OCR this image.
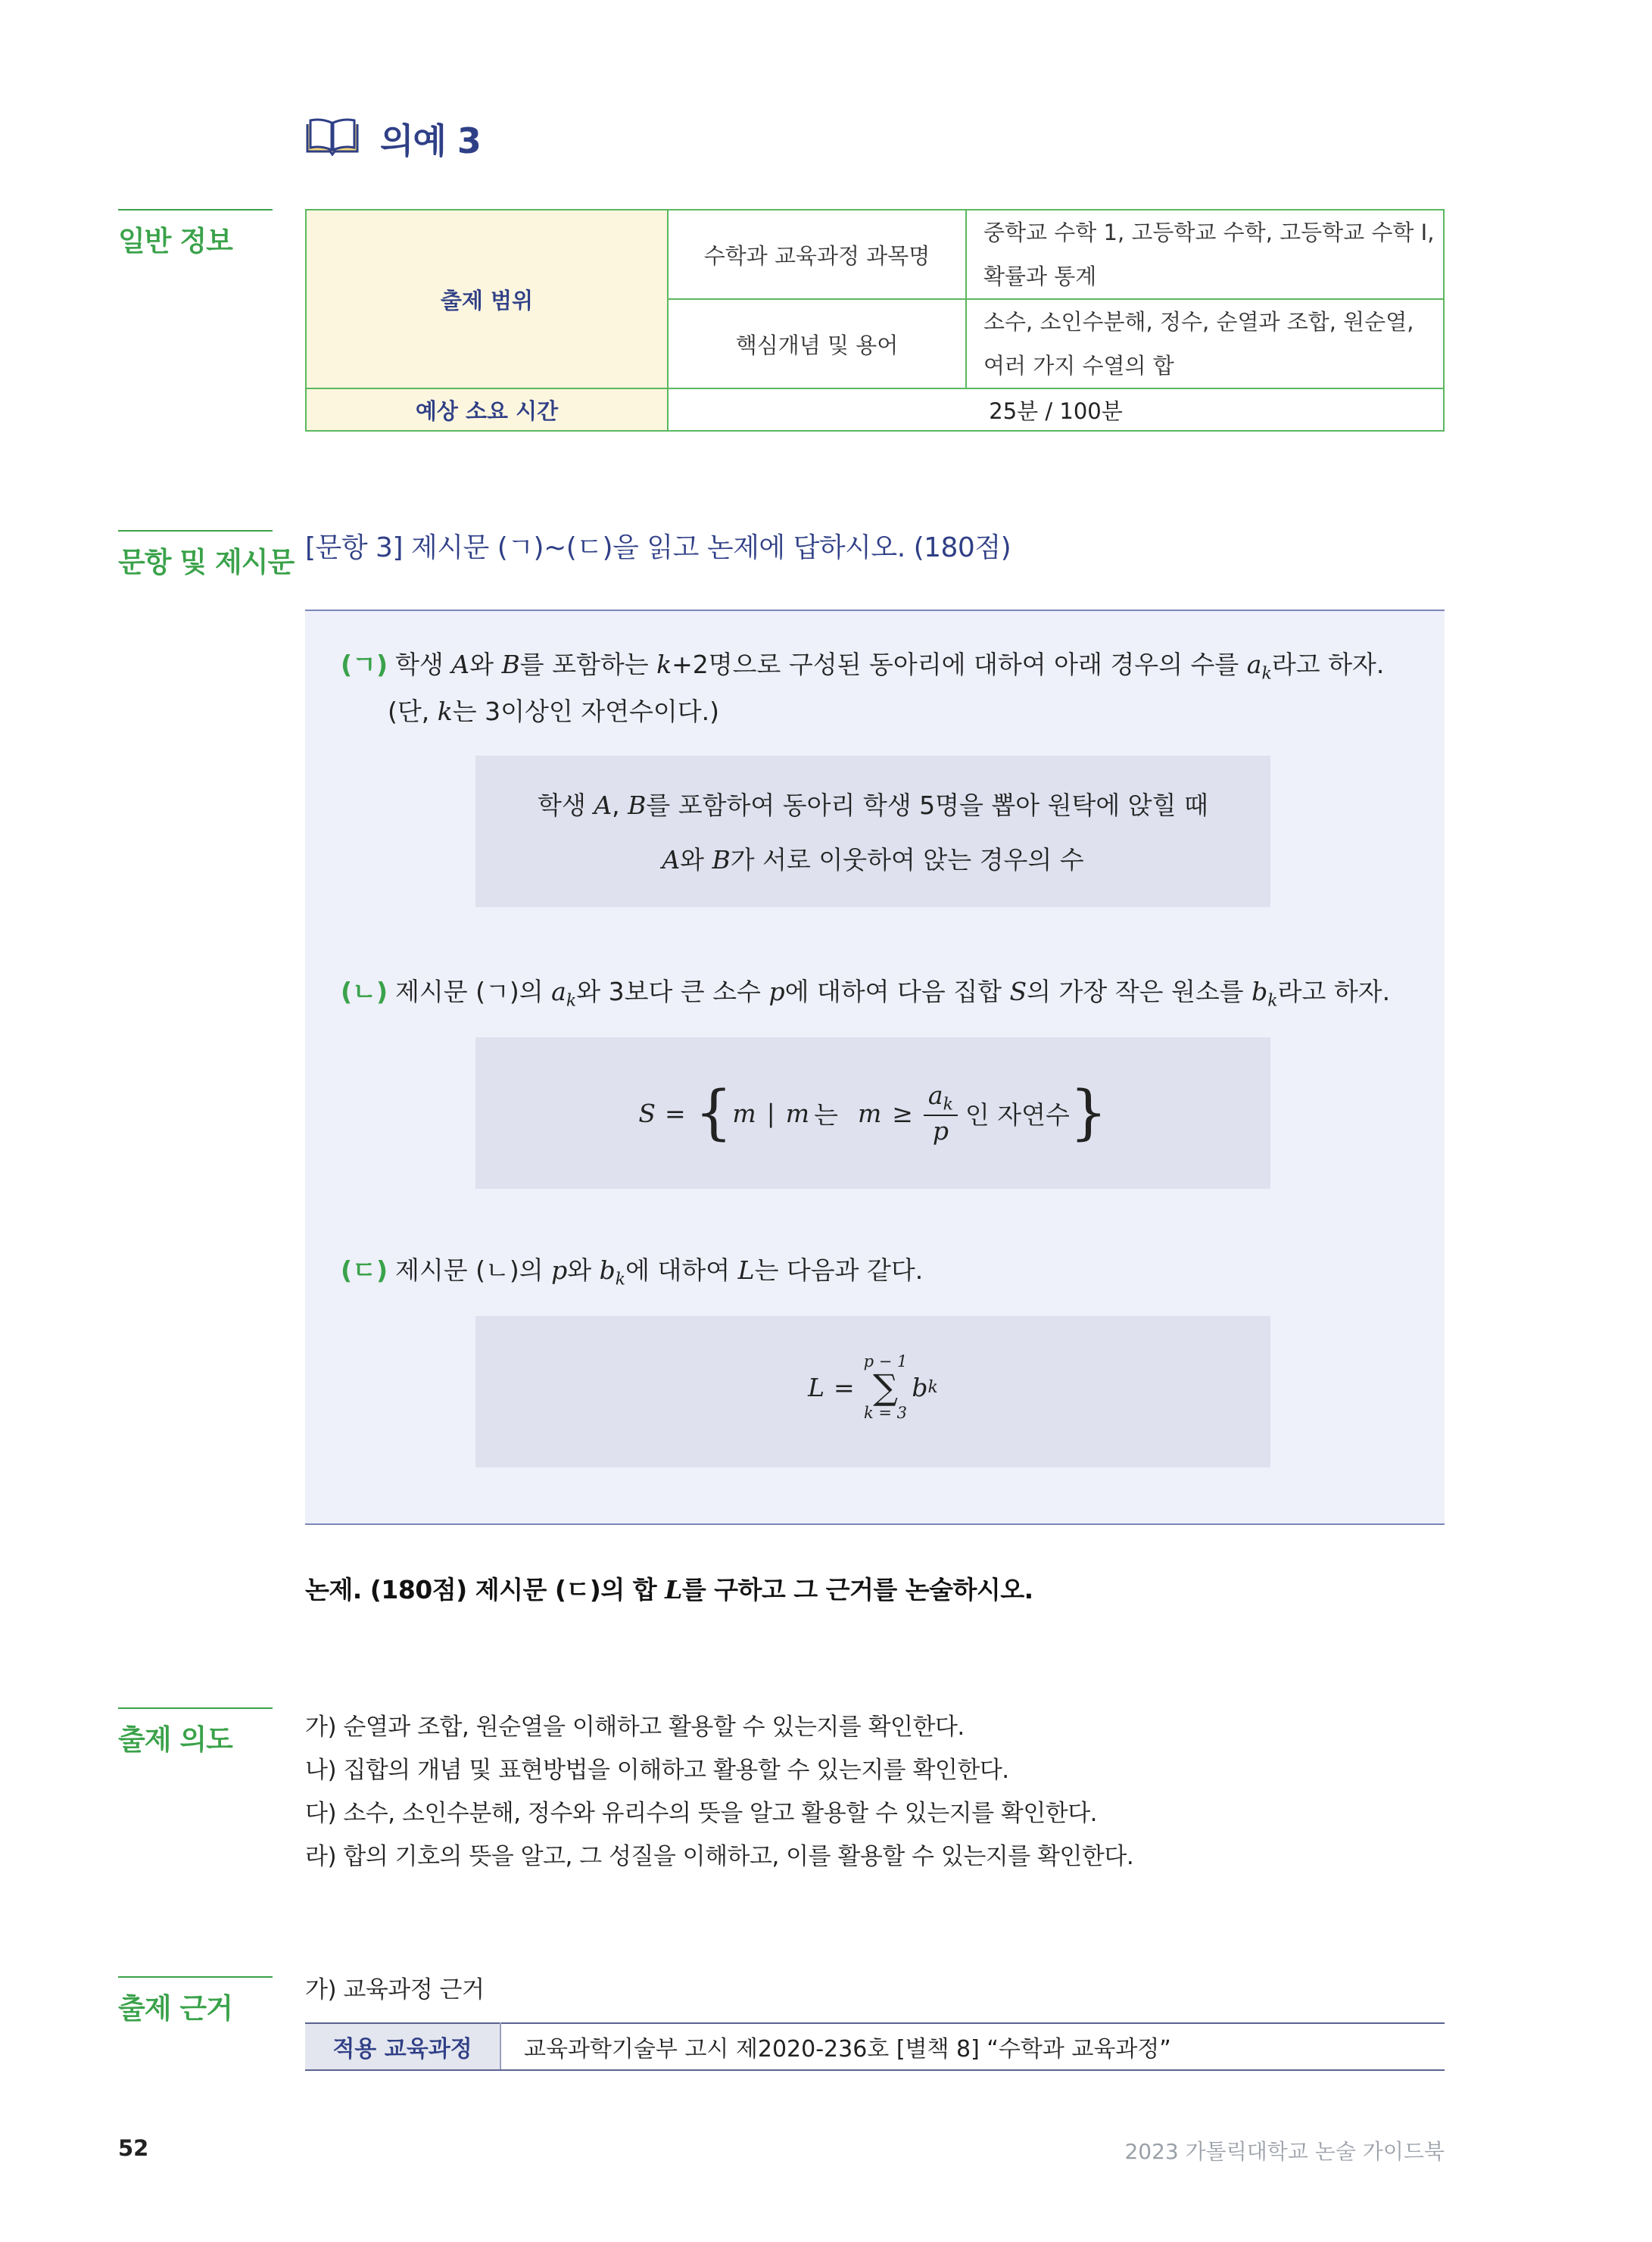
의예 3
일반 정보
문항 및 제시문
출제 의도
출제 근거
출제 범위	수학과 교육과정 과목명	중학교 수학 1, 고등학교 수학, 고등학교 수학 Ⅰ,
확률과 통계

	핵심개념 및 용어	소수, 소인수분해, 정수, 순열과 조합, 원순열,
여러 가지 수열의 합

예상 소요 시간	25분 / 100분	
[문항 3] 제시문 (ㄱ)~(ㄷ)을 읽고 논제에 답하시오. (180점)
(ㄱ) 학생 A와 B를 포함하는 k+2명으로 구성된 동아리에 대하여 아래 경우의 수를 $a_k$라고 하자.
(단, k는 3이상인 자연수이다.)
학생 A, B를 포함하여 동아리 학생 5명을 뽑아 원탁에 앉힐 때
A와 B가 서로 이웃하여 앉는 경우의 수
(ㄴ) 제시문 (ㄱ)의 $a_k$와 3보다 큰 소수 p에 대하여 다음 집합 S의 가장 작은 원소를 $b_k$라고 하자.
S = { m | m 는 $m \ge \frac{a_k}{p}$ 인 자연수 }
(ㄷ) 제시문 (ㄴ)의 p와 $b_k$에 대하여 L는 다음과 같다.
L =
p − 1
∑
k = 3
b k
논제. (180점) 제시문 (ㄷ)의 합 L를 구하고 그 근거를 논술하시오.
가) 순열과 조합, 원순열을 이해하고 활용할 수 있는지를 확인한다.
나) 집합의 개념 및 표현방법을 이해하고 활용할 수 있는지를 확인한다.
다) 소수, 소인수분해, 정수와 유리수의 뜻을 알고 활용할 수 있는지를 확인한다.
라) 합의 기호의 뜻을 알고, 그 성질을 이해하고, 이를 활용할 수 있는지를 확인한다.
가) 교육과정 근거
적용 교육과정	교육과학기술부 고시 제2020-236호 [별책 8] “수학과 교육과정”
52	2023 가톨릭대학교 논술 가이드북
